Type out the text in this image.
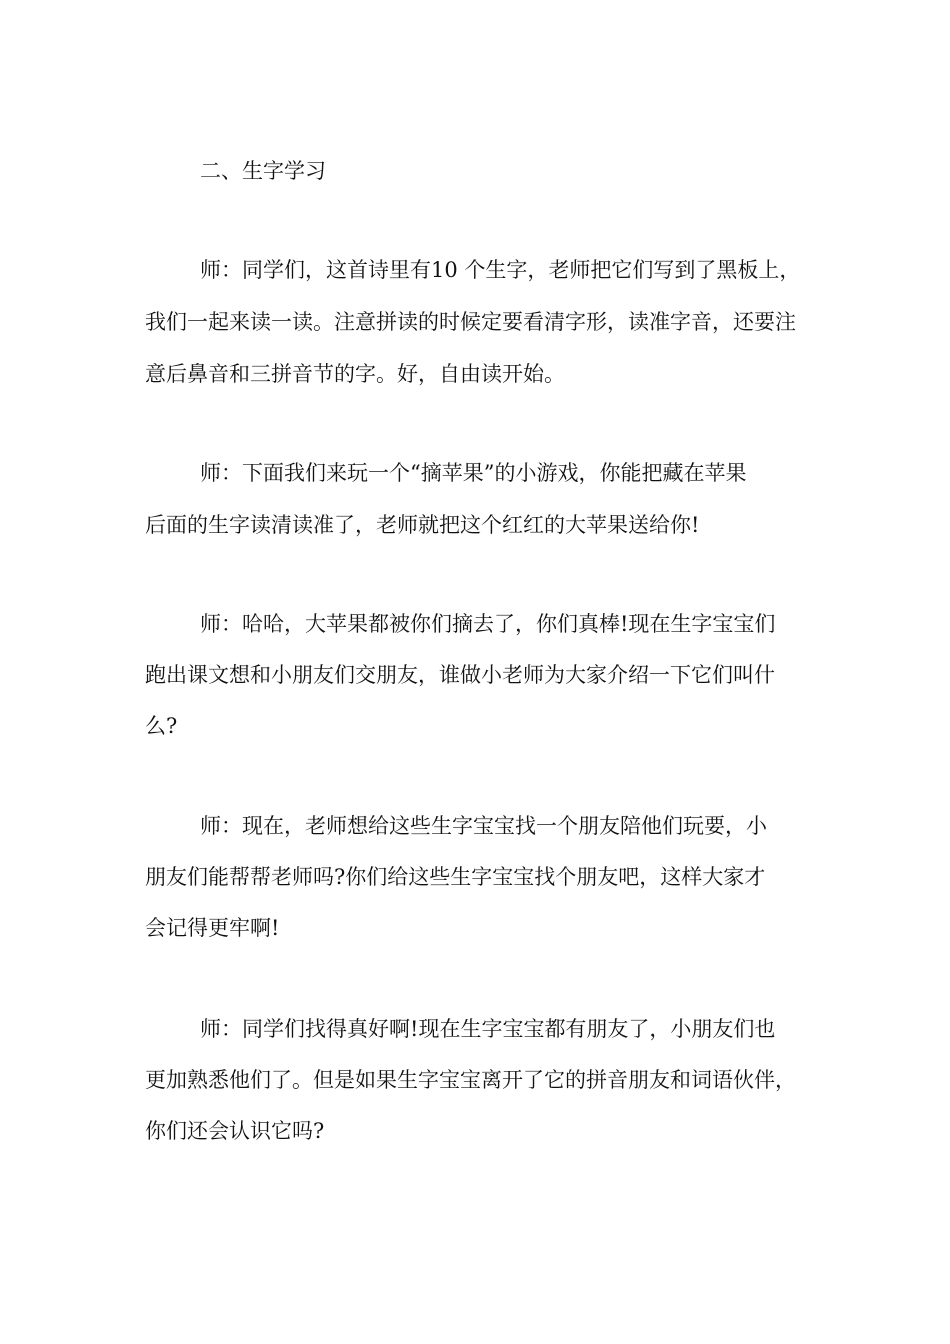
二、生字学习
师：同学们，这首诗里有10 个生字，老师把它们写到了黑板上，
我们一起来读一读。注意拼读的时候定要看清字形，读准字音，还要注
意后鼻音和三拼音节的字。好，自由读开始。
师：下面我们来玩一个“摘苹果”的小游戏，你能把藏在苹果
后面的生字读清读准了，老师就把这个红红的大苹果送给你!
师：哈哈，大苹果都被你们摘去了，你们真棒!现在生字宝宝们
跑出课文想和小朋友们交朋友，谁做小老师为大家介绍一下它们叫什
么?
师：现在，老师想给这些生字宝宝找一个朋友陪他们玩要，小
朋友们能帮帮老师吗?你们给这些生字宝宝找个朋友吧，这样大家才
会记得更牢啊!
师：同学们找得真好啊!现在生字宝宝都有朋友了，小朋友们也
更加熟悉他们了。但是如果生字宝宝离开了它的拼音朋友和词语伙伴，
你们还会认识它吗?
